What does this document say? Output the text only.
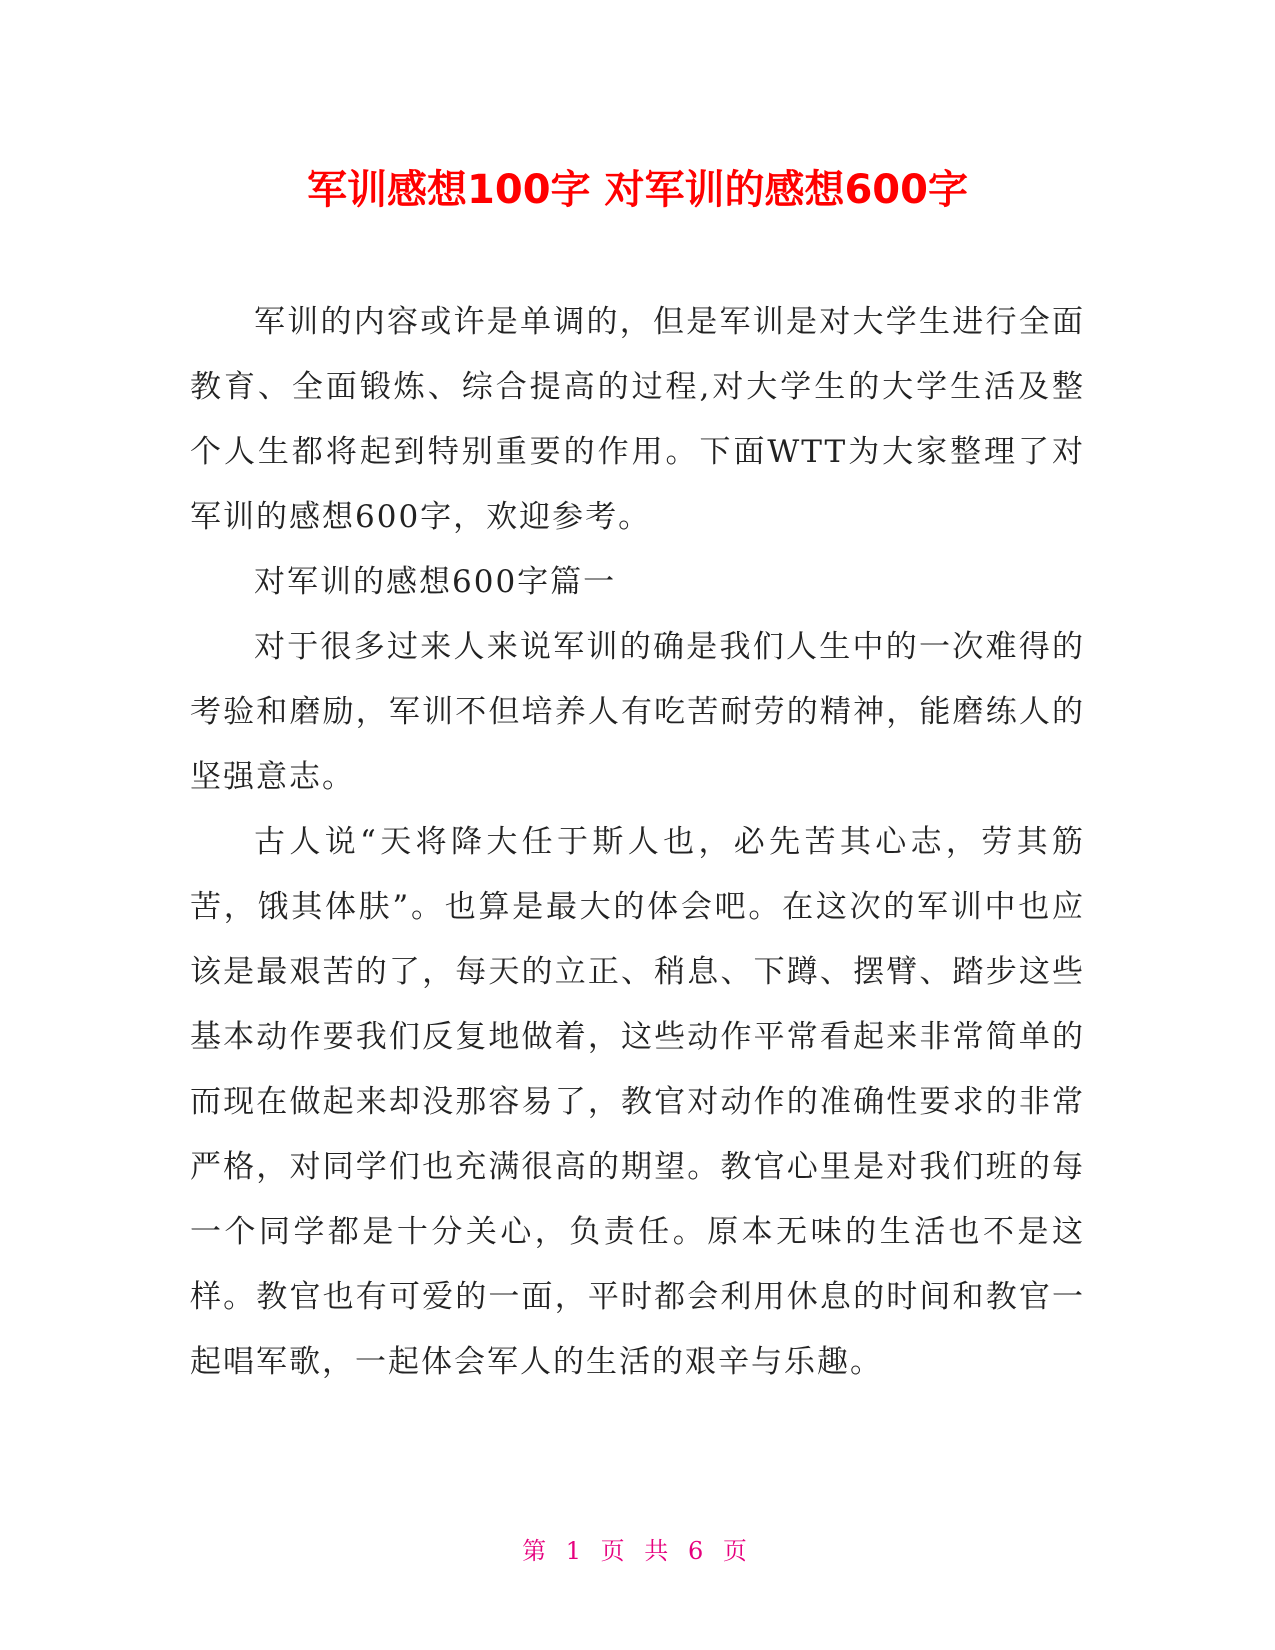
军训感想100字 对军训的感想600字

军训的内容或许是单调的，但是军训是对大学生进行全面教育、全面锻炼、综合提高的过程,对大学生的大学生活及整个人生都将起到特别重要的作用。下面WTT为大家整理了对军训的感想600字，欢迎参考。

对军训的感想600字篇一

对于很多过来人来说军训的确是我们人生中的一次难得的考验和磨励，军训不但培养人有吃苦耐劳的精神，能磨练人的坚强意志。

古人说“天将降大任于斯人也，必先苦其心志，劳其筋苦，饿其体肤”。也算是最大的体会吧。在这次的军训中也应该是最艰苦的了，每天的立正、稍息、下蹲、摆臂、踏步这些基本动作要我们反复地做着，这些动作平常看起来非常简单的而现在做起来却没那容易了，教官对动作的准确性要求的非常严格，对同学们也充满很高的期望。教官心里是对我们班的每一个同学都是十分关心，负责任。原本无味的生活也不是这样。教官也有可爱的一面，平时都会利用休息的时间和教官一起唱军歌，一起体会军人的生活的艰辛与乐趣。

第 1 页 共 6 页
